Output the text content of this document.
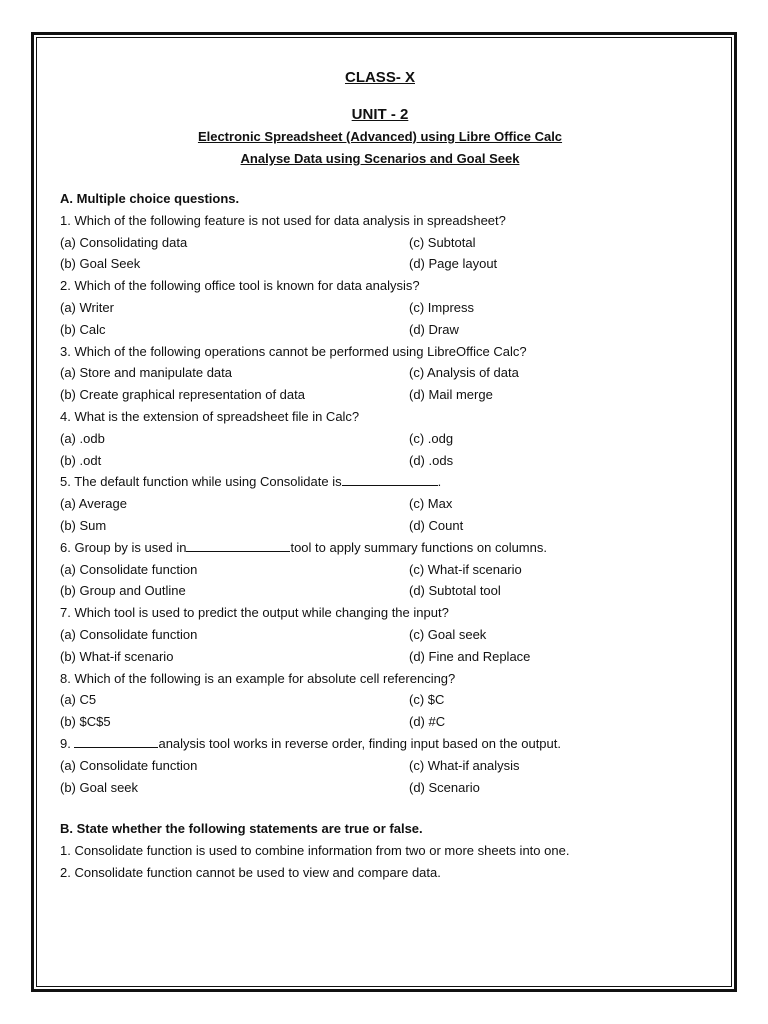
CLASS- X
UNIT - 2
Electronic Spreadsheet (Advanced) using Libre Office Calc
Analyse Data using Scenarios and Goal Seek
A. Multiple choice questions.
1. Which of the following feature is not used for data analysis in spreadsheet?
(a) Consolidating data	(c) Subtotal
(b) Goal Seek	(d) Page layout
2. Which of the following office tool is known for data analysis?
(a) Writer	(c) Impress
(b) Calc	(d) Draw
3. Which of the following operations cannot be performed using LibreOffice Calc?
(a) Store and manipulate data	(c) Analysis of data
(b) Create graphical representation of data	(d) Mail merge
4. What is the extension of spreadsheet file in Calc?
(a) .odb	(c) .odg
(b) .odt	(d) .ods
5. The default function while using Consolidate is	.
(a) Average	(c) Max
(b) Sum	(d) Count
6. Group by is used in	tool to apply summary functions on columns.
(a) Consolidate function	(c) What-if scenario
(b) Group and Outline	(d) Subtotal tool
7. Which tool is used to predict the output while changing the input?
(a) Consolidate function	(c) Goal seek
(b) What-if scenario	(d) Fine and Replace
8. Which of the following is an example for absolute cell referencing?
(a) C5	(c) $C
(b) $C$5	(d) #C
9.	analysis tool works in reverse order, finding input based on the output.
(a) Consolidate function	(c) What-if analysis
(b) Goal seek	(d) Scenario
B. State whether the following statements are true or false.
1. Consolidate function is used to combine information from two or more sheets into one.
2. Consolidate function cannot be used to view and compare data.
